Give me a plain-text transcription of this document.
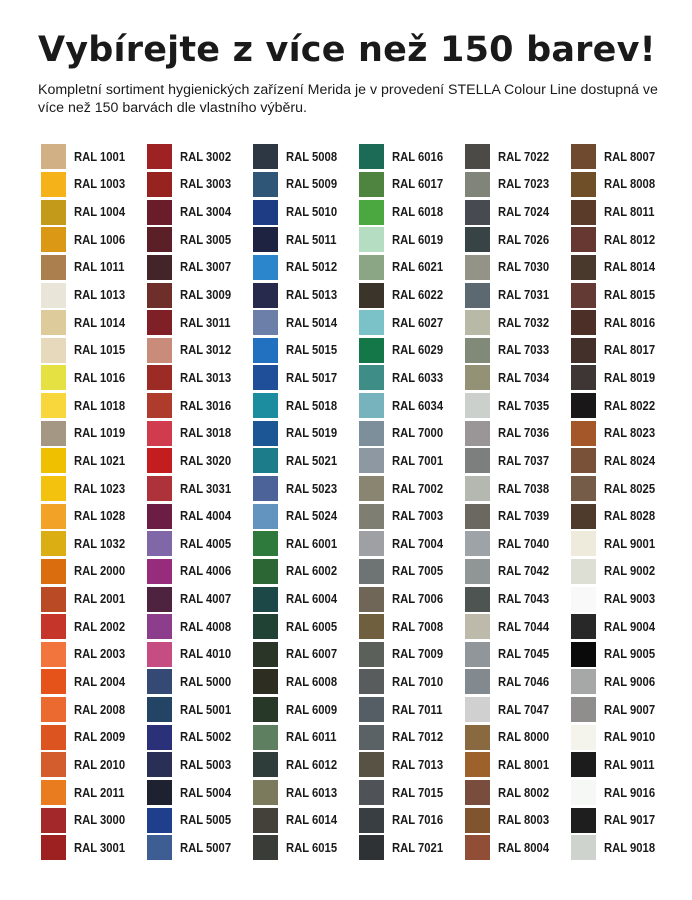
Vybírejte z více než 150 barev!
Kompletní sortiment hygienických zařízení Merida je v provedení STELLA Colour Line dostupná ve více než 150 barvách dle vlastního výběru.
RAL 1001
RAL 1003
RAL 1004
RAL 1006
RAL 1011
RAL 1013
RAL 1014
RAL 1015
RAL 1016
RAL 1018
RAL 1019
RAL 1021
RAL 1023
RAL 1028
RAL 1032
RAL 2000
RAL 2001
RAL 2002
RAL 2003
RAL 2004
RAL 2008
RAL 2009
RAL 2010
RAL 2011
RAL 3000
RAL 3001
RAL 3002
RAL 3003
RAL 3004
RAL 3005
RAL 3007
RAL 3009
RAL 3011
RAL 3012
RAL 3013
RAL 3016
RAL 3018
RAL 3020
RAL 3031
RAL 4004
RAL 4005
RAL 4006
RAL 4007
RAL 4008
RAL 4010
RAL 5000
RAL 5001
RAL 5002
RAL 5003
RAL 5004
RAL 5005
RAL 5007
RAL 5008
RAL 5009
RAL 5010
RAL 5011
RAL 5012
RAL 5013
RAL 5014
RAL 5015
RAL 5017
RAL 5018
RAL 5019
RAL 5021
RAL 5023
RAL 5024
RAL 6001
RAL 6002
RAL 6004
RAL 6005
RAL 6007
RAL 6008
RAL 6009
RAL 6011
RAL 6012
RAL 6013
RAL 6014
RAL 6015
RAL 6016
RAL 6017
RAL 6018
RAL 6019
RAL 6021
RAL 6022
RAL 6027
RAL 6029
RAL 6033
RAL 6034
RAL 7000
RAL 7001
RAL 7002
RAL 7003
RAL 7004
RAL 7005
RAL 7006
RAL 7008
RAL 7009
RAL 7010
RAL 7011
RAL 7012
RAL 7013
RAL 7015
RAL 7016
RAL 7021
RAL 7022
RAL 7023
RAL 7024
RAL 7026
RAL 7030
RAL 7031
RAL 7032
RAL 7033
RAL 7034
RAL 7035
RAL 7036
RAL 7037
RAL 7038
RAL 7039
RAL 7040
RAL 7042
RAL 7043
RAL 7044
RAL 7045
RAL 7046
RAL 7047
RAL 8000
RAL 8001
RAL 8002
RAL 8003
RAL 8004
RAL 8007
RAL 8008
RAL 8011
RAL 8012
RAL 8014
RAL 8015
RAL 8016
RAL 8017
RAL 8019
RAL 8022
RAL 8023
RAL 8024
RAL 8025
RAL 8028
RAL 9001
RAL 9002
RAL 9003
RAL 9004
RAL 9005
RAL 9006
RAL 9007
RAL 9010
RAL 9011
RAL 9016
RAL 9017
RAL 9018
